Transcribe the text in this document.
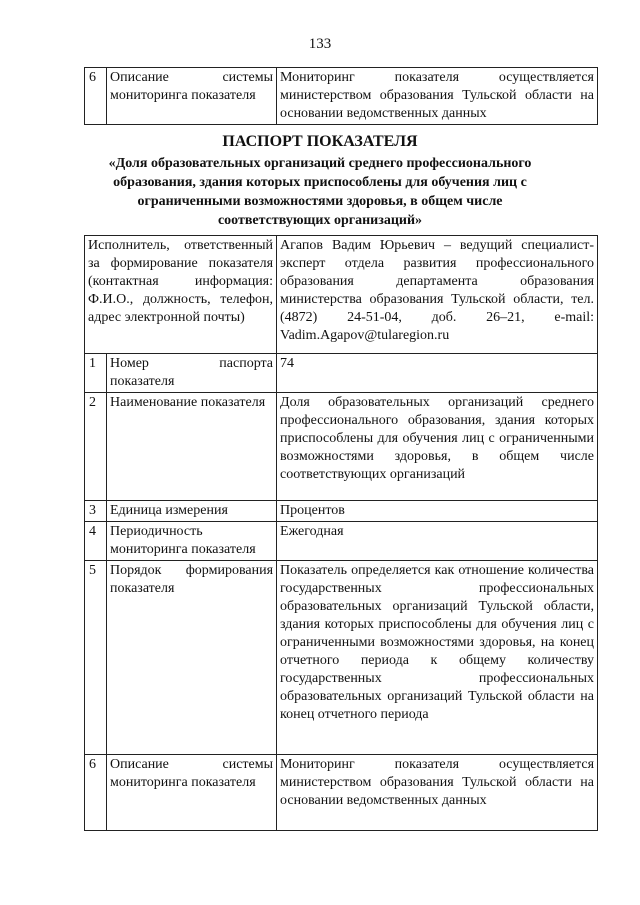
133
6	Описание системы мониторинга показателя	Мониторинг показателя осуществляется министерством образования Тульской области на основании ведомственных данных
ПАСПОРТ ПОКАЗАТЕЛЯ
«Доля образовательных организаций среднего профессионального образования, здания которых приспособлены для обучения лиц с ограниченными возможностями здоровья, в общем числе соответствующих организаций»
Исполнитель, ответственный за формирование показателя (контактная информация: Ф.И.О., должность, телефон, адрес электронной почты)		Агапов Вадим Юрьевич – ведущий специалист-эксперт отдела развития профессионального образования департамента образования министерства образования Тульской области, тел. (4872) 24-51-04, доб. 26–21, e-mail: Vadim.Agapov@tularegion.ru
1	Номер паспорта показателя	74
2	Наименование показателя	Доля образовательных организаций среднего профессионального образования, здания которых приспособлены для обучения лиц с ограниченными возможностями здоровья, в общем числе соответствующих организаций
3	Единица измерения	Процентов
4	Периодичность мониторинга показателя	Ежегодная
5	Порядок формирования показателя	Показатель определяется как отношение количества государственных профессиональных образовательных организаций Тульской области, здания которых приспособлены для обучения лиц с ограниченными возможностями здоровья, на конец отчетного периода к общему количеству государственных профессиональных образовательных организаций Тульской области на конец отчетного периода
6	Описание системы мониторинга показателя	Мониторинг показателя осуществляется министерством образования Тульской области на основании ведомственных данных
